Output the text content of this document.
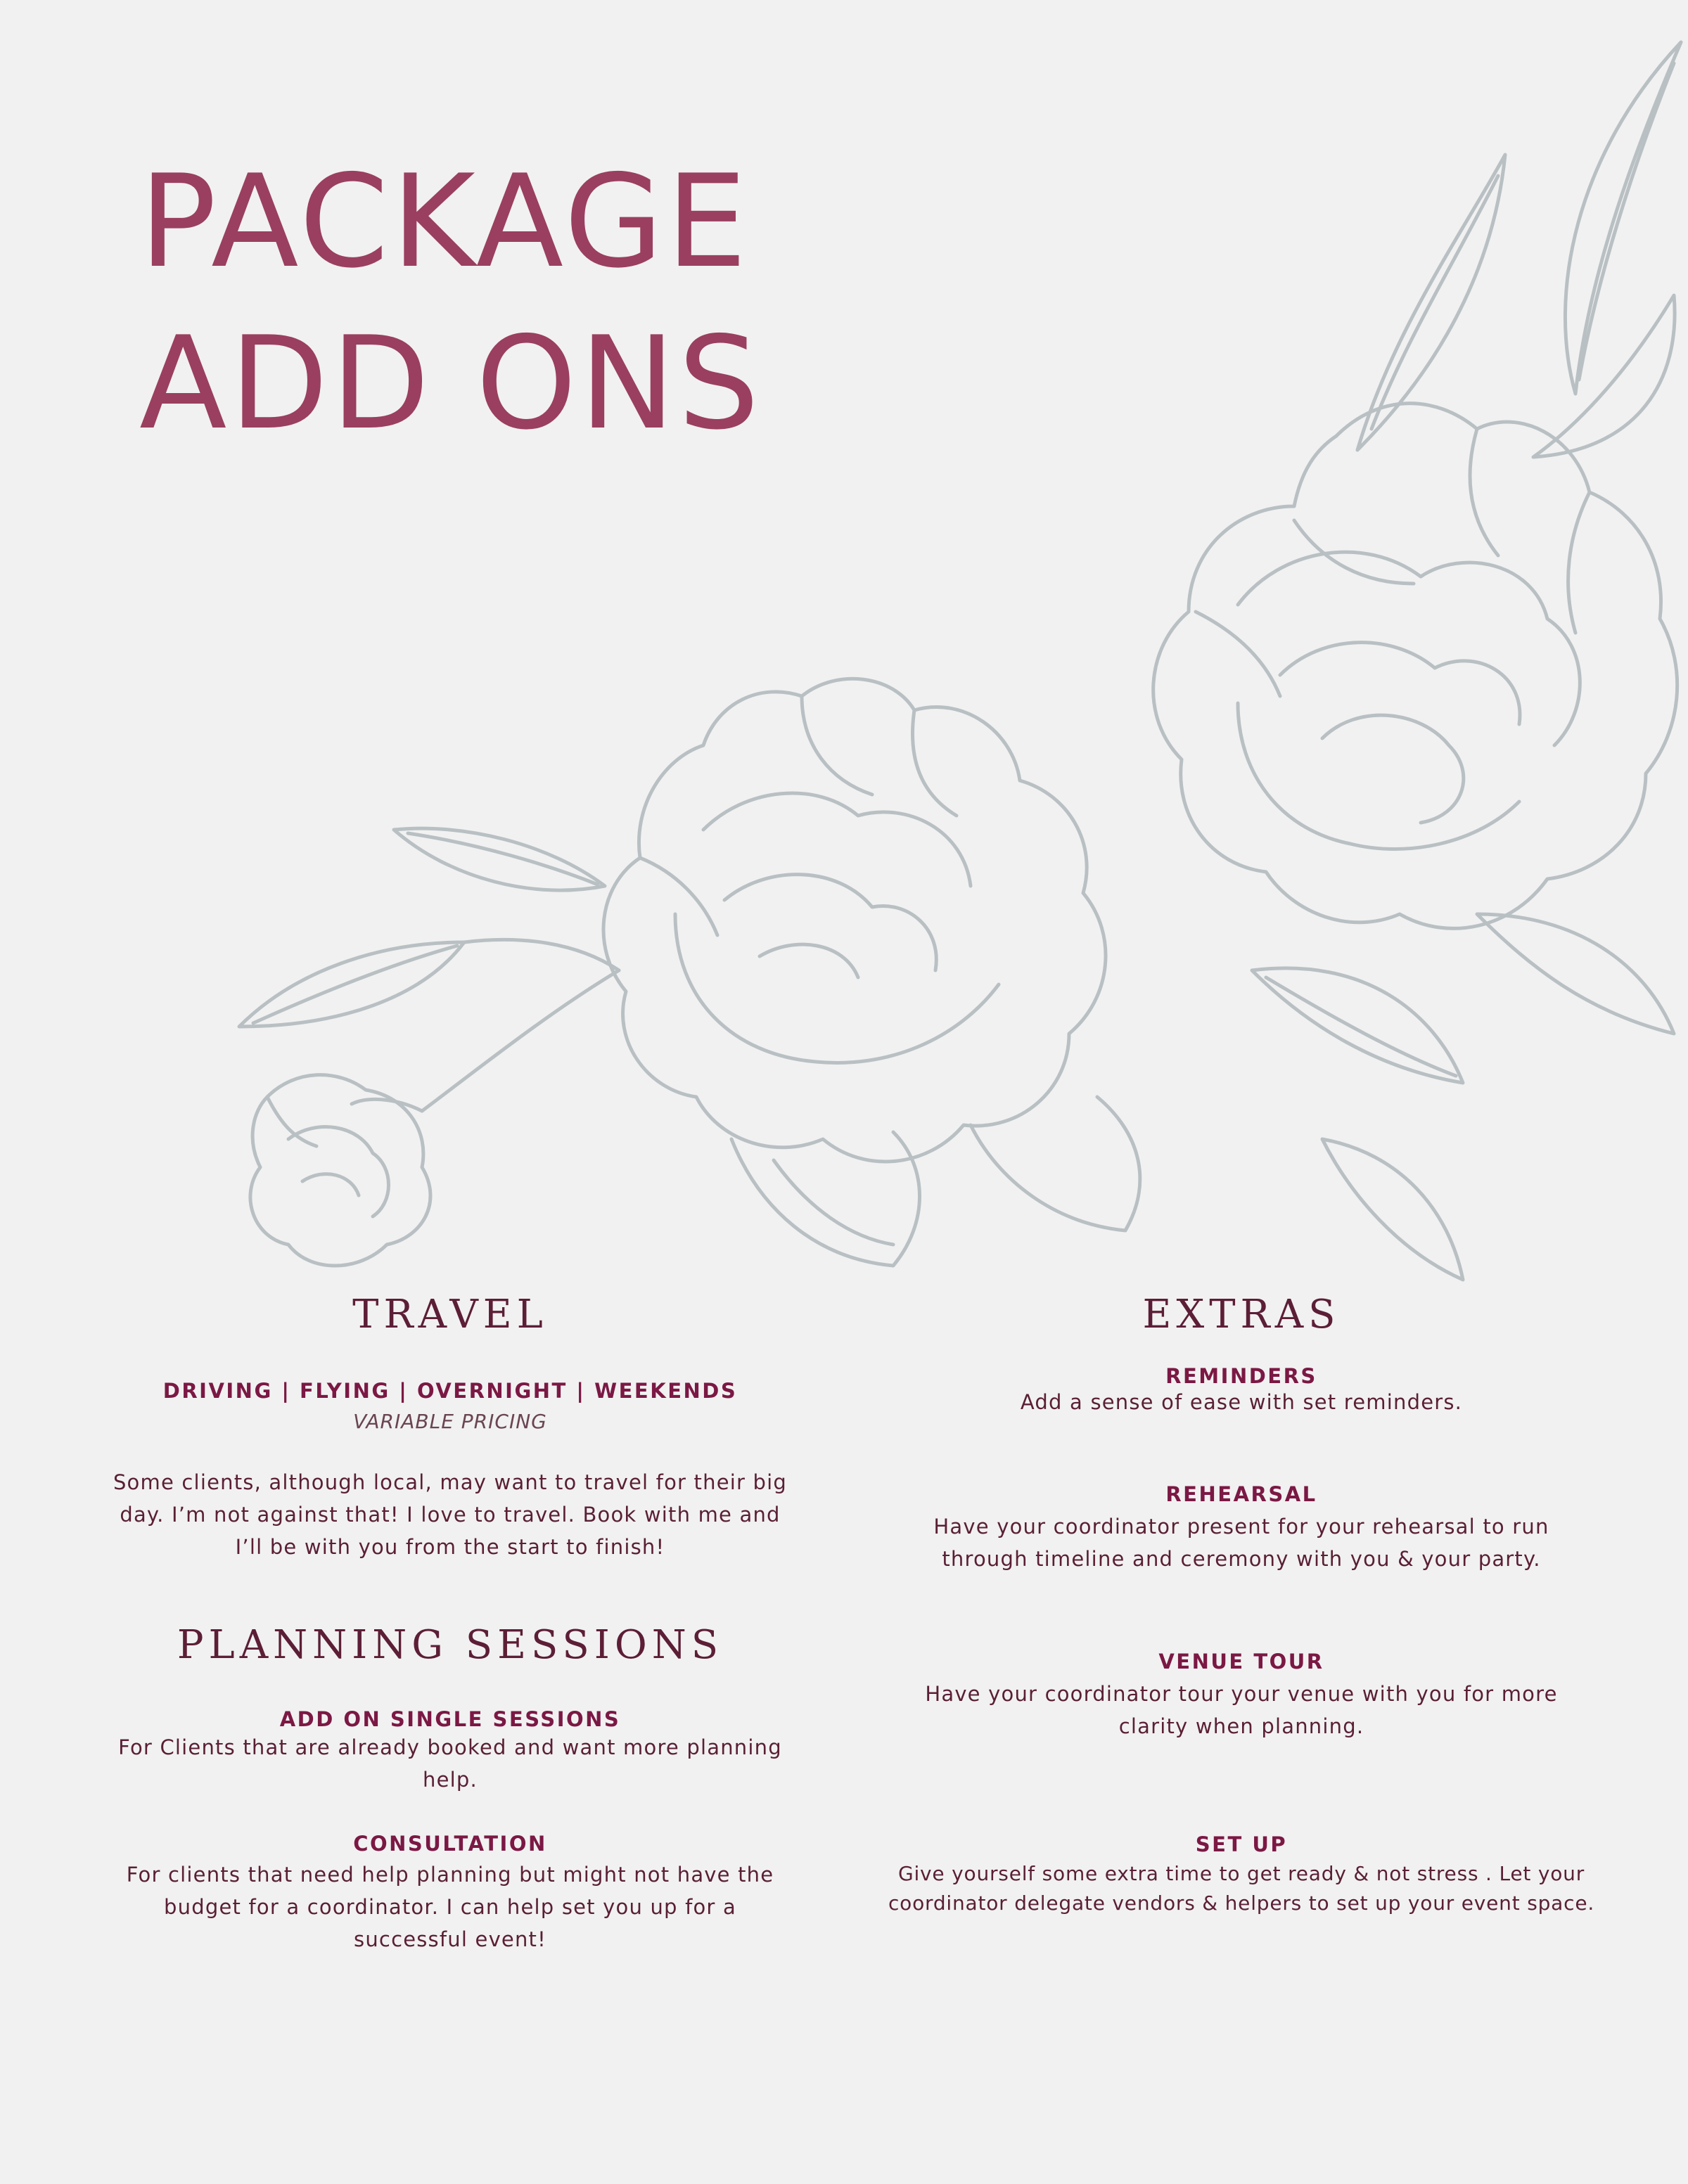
PACKAGE
ADD ONS
TRAVEL

DRIVING | FLYING | OVERNIGHT | WEEKENDS

VARIABLE PRICING

Some clients, although local, may want to travel for their big

day. I’m not against that! I love to travel. Book with me and

I’ll be with you from the start to finish!

PLANNING SESSIONS

ADD ON SINGLE SESSIONS

For Clients that are already booked and want more planning

help.

CONSULTATION

For clients that need help planning but might not have the

budget for a coordinator. I can help set you up for a

successful event!

EXTRAS

REMINDERS

Add a sense of ease with set reminders.

REHEARSAL

Have your coordinator present for your rehearsal to run

through timeline and ceremony with you & your party.

VENUE TOUR

Have your coordinator tour your venue with you for more

clarity when planning.

SET UP

Give yourself some extra time to get ready & not stress . Let your

coordinator delegate vendors & helpers to set up your event space.
